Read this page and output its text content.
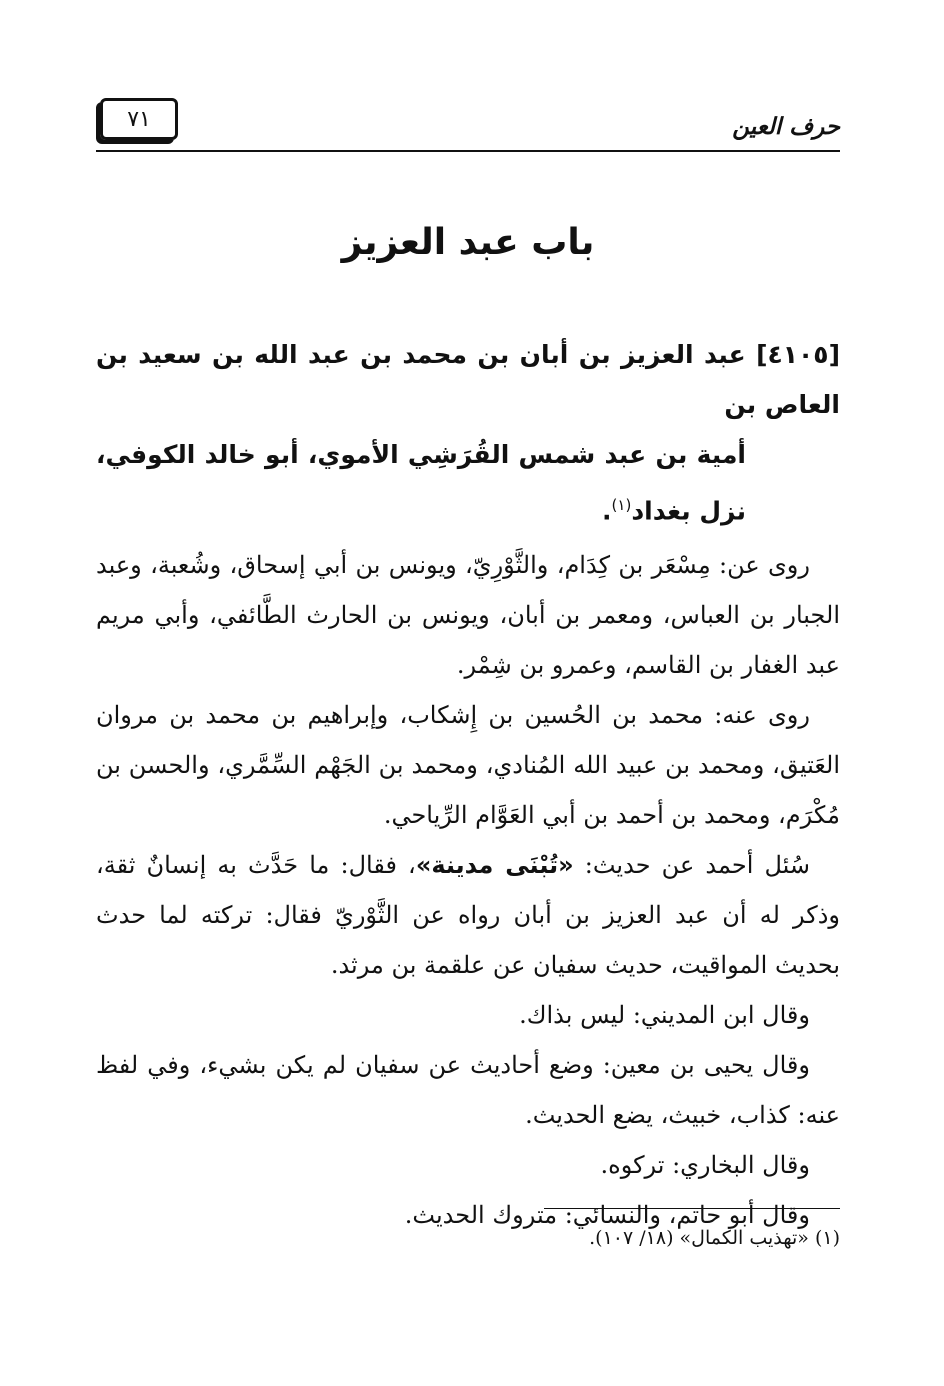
حرف العين
٧١
باب عبد العزيز
[٤١٠٥] عبد العزيز بن أبان بن محمد بن عبد الله بن سعيد بن العاص بن
أمية بن عبد شمس القُرَشِي الأموي، أبو خالد الكوفي، نزل بغداد$^{(١)}$.

روى عن: مِسْعَر بن كِدَام، والثَّوْرِيّ، ويونس بن أبي إسحاق، وشُعبة، وعبد الجبار بن العباس، ومعمر بن أبان، ويونس بن الحارث الطَّائفي، وأبي مريم عبد الغفار بن القاسم، وعمرو بن شِمْر.

روى عنه: محمد بن الحُسين بن إِشكاب، وإبراهيم بن محمد بن مروان العَتيق، ومحمد بن عبيد الله المُنادي، ومحمد بن الجَهْم السِّمَّري، والحسن بن مُكْرَم، ومحمد بن أحمد بن أبي العَوَّام الرِّياحي.

سُئل أحمد عن حديث: «تُبْنَى مدينة»، فقال: ما حَدَّث به إنسانٌ ثقة، وذكر له أن عبد العزيز بن أبان رواه عن الثَّوْريّ فقال: تركته لما حدث بحديث المواقيت، حديث سفيان عن علقمة بن مرثد.

وقال ابن المديني: ليس بذاك.

وقال يحيى بن معين: وضع أحاديث عن سفيان لم يكن بشيء، وفي لفظ عنه: كذاب، خبيث، يضع الحديث.

وقال البخاري: تركوه.

وقال أبو حاتم، والنسائي: متروك الحديث.

(١) «تهذيب الكمال» (١٨/ ١٠٧).
